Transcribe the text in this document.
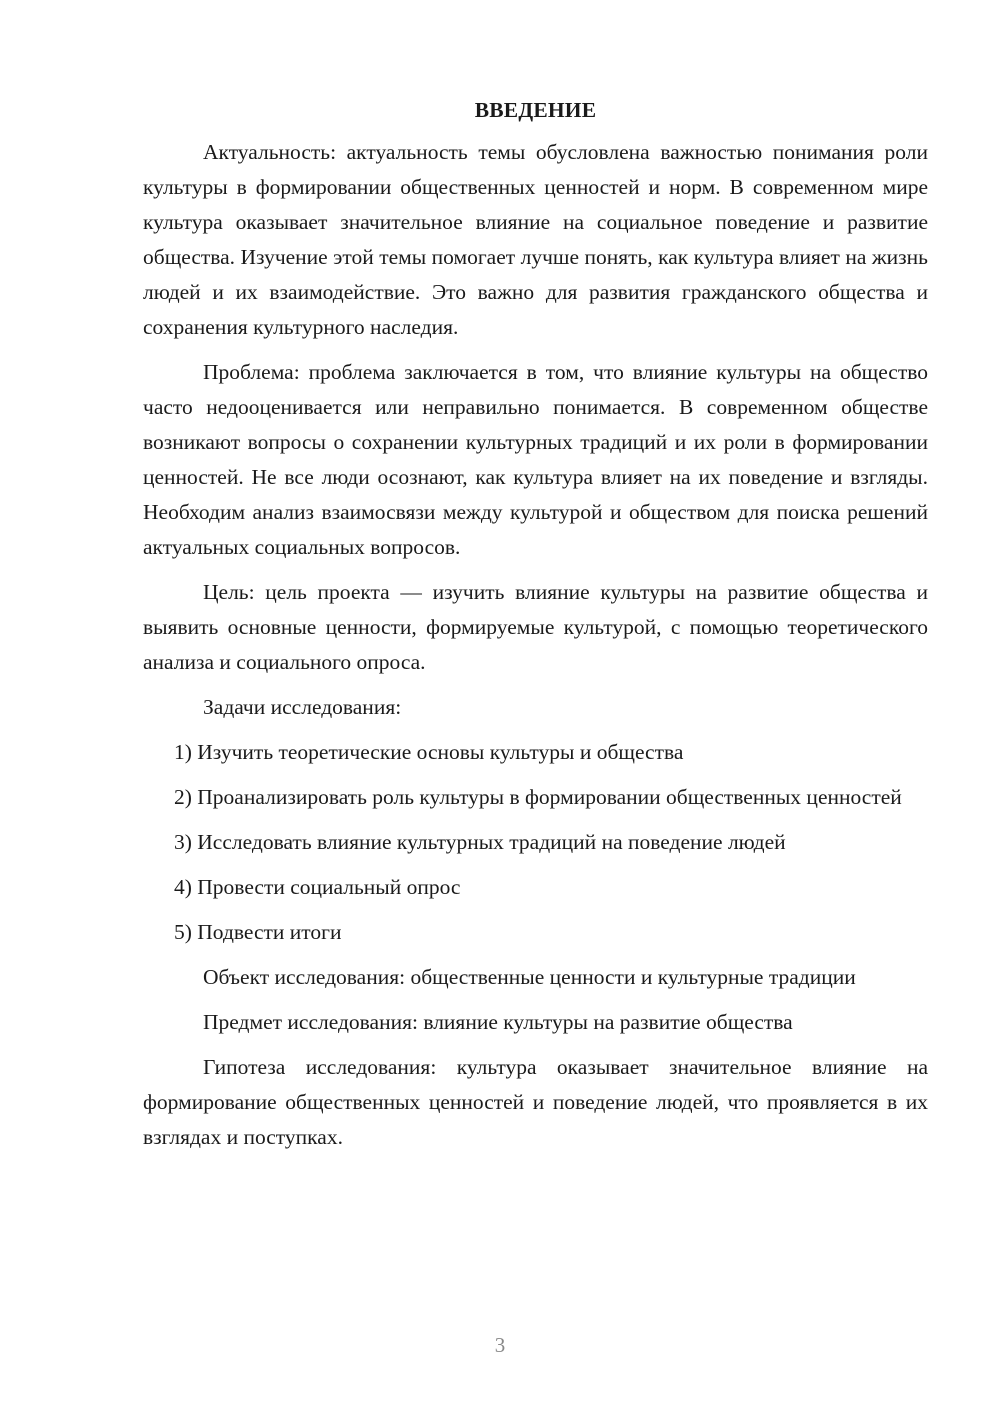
ВВЕДЕНИЕ

Актуальность: актуальность темы обусловлена важностью понимания роли культуры в формировании общественных ценностей и норм. В современном мире культура оказывает значительное влияние на социальное поведение и развитие общества. Изучение этой темы помогает лучше понять, как культура влияет на жизнь людей и их взаимодействие. Это важно для развития гражданского общества и сохранения культурного наследия.

Проблема: проблема заключается в том, что влияние культуры на общество часто недооценивается или неправильно понимается. В современном обществе возникают вопросы о сохранении культурных традиций и их роли в формировании ценностей. Не все люди осознают, как культура влияет на их поведение и взгляды. Необходим анализ взаимосвязи между культурой и обществом для поиска решений актуальных социальных вопросов.

Цель: цель проекта — изучить влияние культуры на развитие общества и выявить основные ценности, формируемые культурой, с помощью теоретического анализа и социального опроса.

Задачи исследования:

1) Изучить теоретические основы культуры и общества

2) Проанализировать роль культуры в формировании общественных ценностей

3) Исследовать влияние культурных традиций на поведение людей

4) Провести социальный опрос

5) Подвести итоги

Объект исследования: общественные ценности и культурные традиции

Предмет исследования: влияние культуры на развитие общества

Гипотеза исследования: культура оказывает значительное влияние на формирование общественных ценностей и поведение людей, что проявляется в их взглядах и поступках.

3
